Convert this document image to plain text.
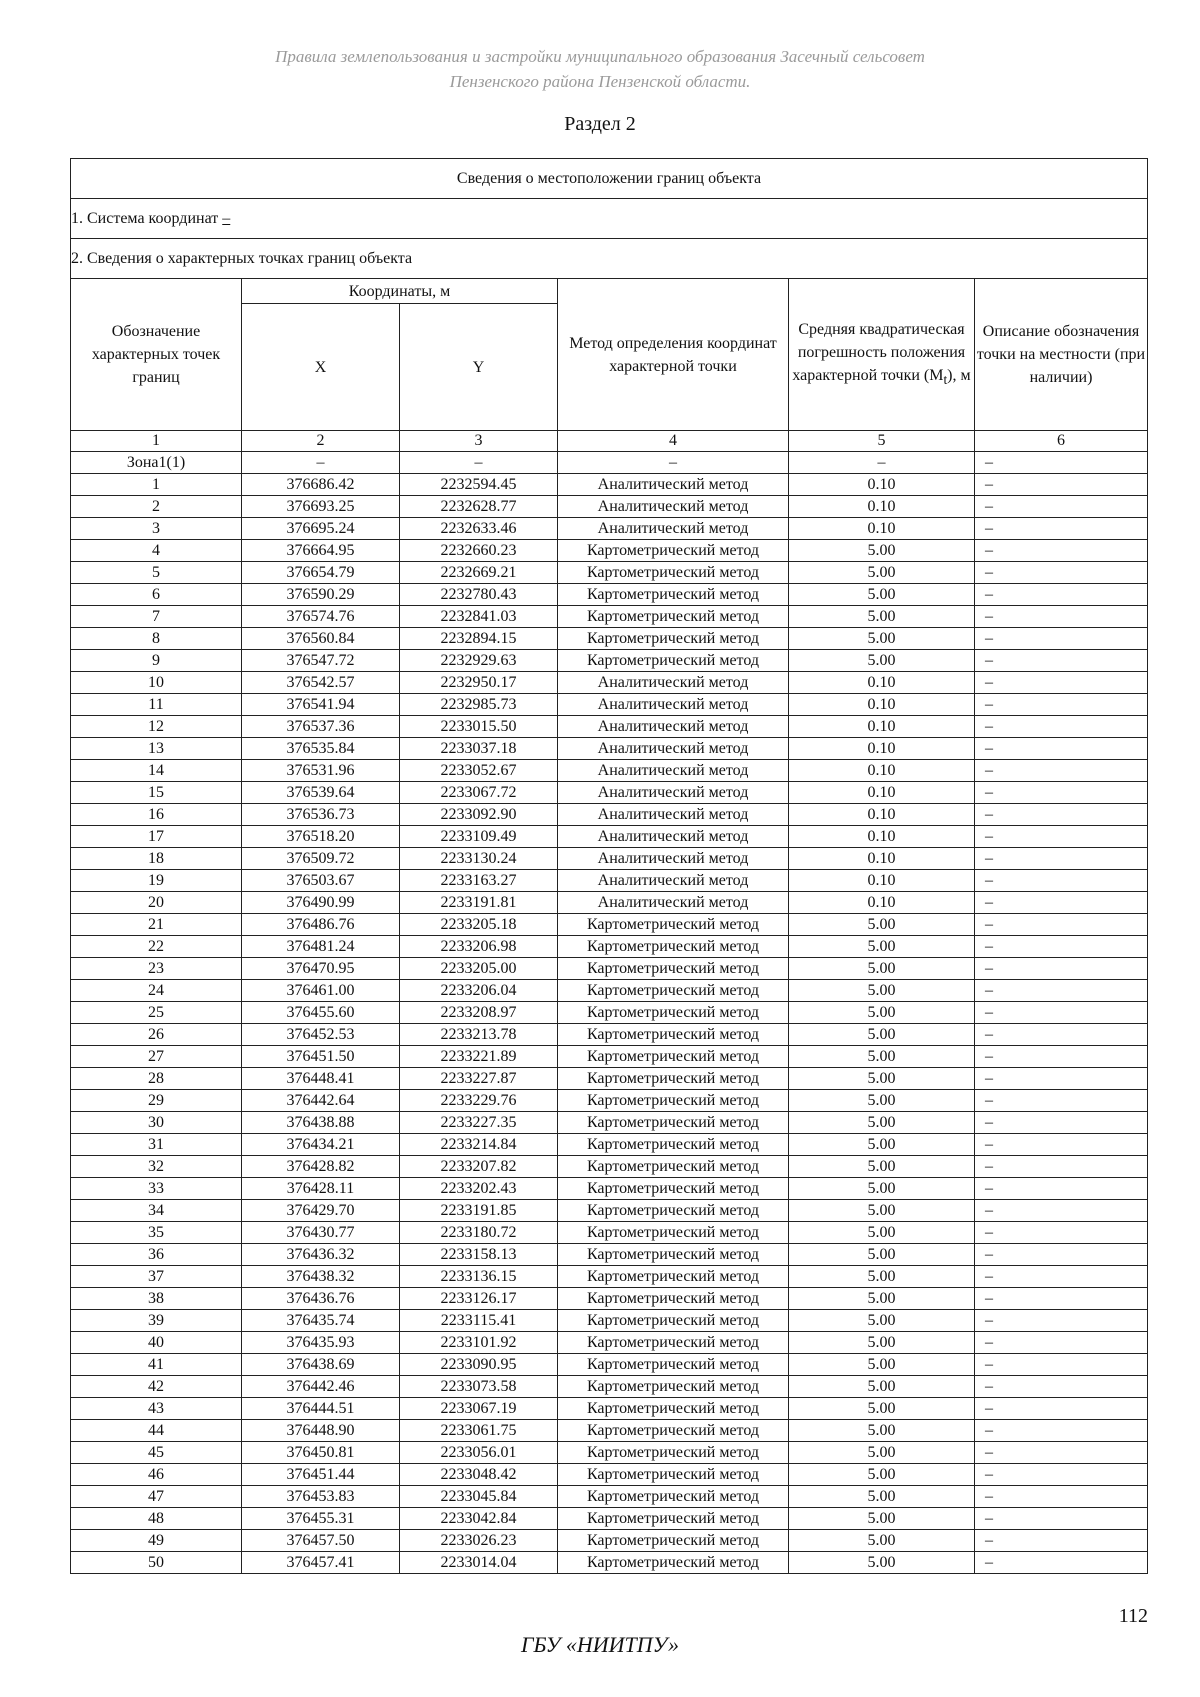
Правила землепользования и застройки муниципального образования Засечный сельсовет
Пензенского района Пензенской области.
Раздел 2
Сведения о местоположении границ объекта					
1. Система координат –					
2. Сведения о характерных точках границ объекта					
Обозначение характерных точек границ	Координаты, м		Метод определения координат характерной точки	Средняя квадратическая погрешность положения характерной точки $(M_t)$, м	Описание обозначения точки на местности (при наличии)
	X	Y			
1	2	3	4	5	6
Зона1(1)	–	–	–	–	–
1	376686.42	2232594.45	Аналитический метод	0.10	–
2	376693.25	2232628.77	Аналитический метод	0.10	–
3	376695.24	2232633.46	Аналитический метод	0.10	–
4	376664.95	2232660.23	Картометрический метод	5.00	–
5	376654.79	2232669.21	Картометрический метод	5.00	–
6	376590.29	2232780.43	Картометрический метод	5.00	–
7	376574.76	2232841.03	Картометрический метод	5.00	–
8	376560.84	2232894.15	Картометрический метод	5.00	–
9	376547.72	2232929.63	Картометрический метод	5.00	–
10	376542.57	2232950.17	Аналитический метод	0.10	–
11	376541.94	2232985.73	Аналитический метод	0.10	–
12	376537.36	2233015.50	Аналитический метод	0.10	–
13	376535.84	2233037.18	Аналитический метод	0.10	–
14	376531.96	2233052.67	Аналитический метод	0.10	–
15	376539.64	2233067.72	Аналитический метод	0.10	–
16	376536.73	2233092.90	Аналитический метод	0.10	–
17	376518.20	2233109.49	Аналитический метод	0.10	–
18	376509.72	2233130.24	Аналитический метод	0.10	–
19	376503.67	2233163.27	Аналитический метод	0.10	–
20	376490.99	2233191.81	Аналитический метод	0.10	–
21	376486.76	2233205.18	Картометрический метод	5.00	–
22	376481.24	2233206.98	Картометрический метод	5.00	–
23	376470.95	2233205.00	Картометрический метод	5.00	–
24	376461.00	2233206.04	Картометрический метод	5.00	–
25	376455.60	2233208.97	Картометрический метод	5.00	–
26	376452.53	2233213.78	Картометрический метод	5.00	–
27	376451.50	2233221.89	Картометрический метод	5.00	–
28	376448.41	2233227.87	Картометрический метод	5.00	–
29	376442.64	2233229.76	Картометрический метод	5.00	–
30	376438.88	2233227.35	Картометрический метод	5.00	–
31	376434.21	2233214.84	Картометрический метод	5.00	–
32	376428.82	2233207.82	Картометрический метод	5.00	–
33	376428.11	2233202.43	Картометрический метод	5.00	–
34	376429.70	2233191.85	Картометрический метод	5.00	–
35	376430.77	2233180.72	Картометрический метод	5.00	–
36	376436.32	2233158.13	Картометрический метод	5.00	–
37	376438.32	2233136.15	Картометрический метод	5.00	–
38	376436.76	2233126.17	Картометрический метод	5.00	–
39	376435.74	2233115.41	Картометрический метод	5.00	–
40	376435.93	2233101.92	Картометрический метод	5.00	–
41	376438.69	2233090.95	Картометрический метод	5.00	–
42	376442.46	2233073.58	Картометрический метод	5.00	–
43	376444.51	2233067.19	Картометрический метод	5.00	–
44	376448.90	2233061.75	Картометрический метод	5.00	–
45	376450.81	2233056.01	Картометрический метод	5.00	–
46	376451.44	2233048.42	Картометрический метод	5.00	–
47	376453.83	2233045.84	Картометрический метод	5.00	–
48	376455.31	2233042.84	Картометрический метод	5.00	–
49	376457.50	2233026.23	Картометрический метод	5.00	–
50	376457.41	2233014.04	Картометрический метод	5.00	–
112
ГБУ «НИИТПУ»
